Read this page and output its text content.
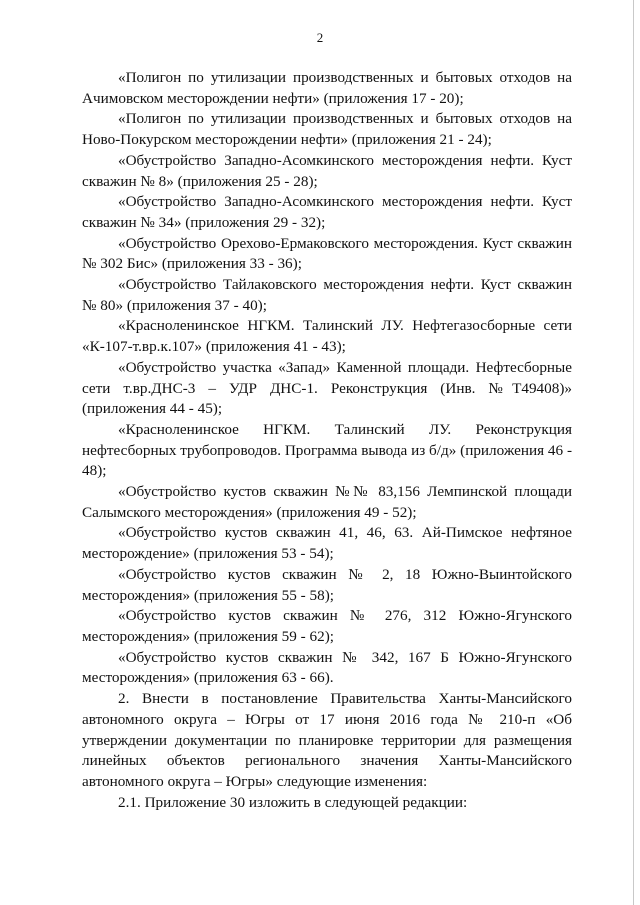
2

«Полигон по утилизации производственных и бытовых отходов на Ачимовском месторождении нефти» (приложения 17 - 20);

«Полигон по утилизации производственных и бытовых отходов на Ново-Покурском месторождении нефти» (приложения 21 - 24);

«Обустройство Западно-Асомкинского месторождения нефти. Куст скважин № 8» (приложения 25 - 28);

«Обустройство Западно-Асомкинского месторождения нефти. Куст скважин № 34» (приложения 29 - 32);

«Обустройство Орехово-Ермаковского месторождения. Куст скважин № 302 Бис» (приложения 33 - 36);

«Обустройство Тайлаковского месторождения нефти. Куст скважин № 80» (приложения 37 - 40);

«Красноленинское НГКМ. Талинский ЛУ. Нефтегазосборные сети «К-107-т.вр.к.107» (приложения 41 - 43);

«Обустройство участка «Запад» Каменной площади. Нефтесборные сети т.вр.ДНС-3 – УДР ДНС-1. Реконструкция (Инв. №Т49408)» (приложения 44 - 45);

«Красноленинское НГКМ. Талинский ЛУ. Реконструкция нефтесборных трубопроводов. Программа вывода из б/д» (приложения 46 - 48);

«Обустройство кустов скважин №№ 83,156 Лемпинской площади Салымского месторождения» (приложения 49 - 52);

«Обустройство кустов скважин 41, 46, 63. Ай-Пимское нефтяное месторождение» (приложения 53 - 54);

«Обустройство кустов скважин № 2, 18 Южно-Выинтойского месторождения» (приложения 55 - 58);

«Обустройство кустов скважин № 276, 312 Южно-Ягунского месторождения» (приложения 59 - 62);

«Обустройство кустов скважин № 342, 167 Б Южно-Ягунского месторождения» (приложения 63 - 66).

2. Внести в постановление Правительства Ханты-Мансийского автономного округа – Югры от 17 июня 2016 года № 210-п «Об утверждении документации по планировке территории для размещения линейных объектов регионального значения Ханты-Мансийского автономного округа – Югры» следующие изменения:

2.1. Приложение 30 изложить в следующей редакции:
